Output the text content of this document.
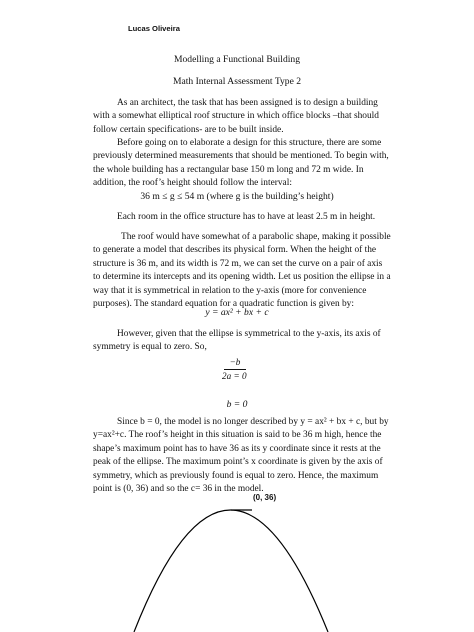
Lucas Oliveira

Modelling a Functional Building

Math Internal Assessment Type 2

As an architect, the task that has been assigned is to design a building with a somewhat elliptical roof structure in which office blocks –that should follow certain specifications- are to be built inside.

Before going on to elaborate a design for this structure, there are some previously determined measurements that should be mentioned. To begin with, the whole building has a rectangular base 150 m long and 72 m wide. In addition, the roof’s height should follow the interval:

36 m ≤ g ≤ 54 m (where g is the building’s height)

Each room in the office structure has to have at least 2.5 m in height.

The roof would have somewhat of a parabolic shape, making it possible to generate a model that describes its physical form. When the height of the structure is 36 m, and its width is 72 m, we can set the curve on a pair of axis to determine its intercepts and its opening width. Let us position the ellipse in a way that it is symmetrical in relation to the y-axis (more for convenience purposes). The standard equation for a quadratic function is given by:

y = ax² + bx + c

However, given that the ellipse is symmetrical to the y-axis, its axis of symmetry is equal to zero. So,

−b

2a = 0

b = 0

Since b = 0, the model is no longer described by y = ax² + bx + c, but by y=ax²+c. The roof’s height in this situation is said to be 36 m high, hence the shape’s maximum point has to have 36 as its y coordinate since it rests at the peak of the ellipse. The maximum point’s x coordinate is given by the axis of symmetry, which as previously found is equal to zero. Hence, the maximum point is (0, 36) and so the c= 36 in the model.

(0, 36)
